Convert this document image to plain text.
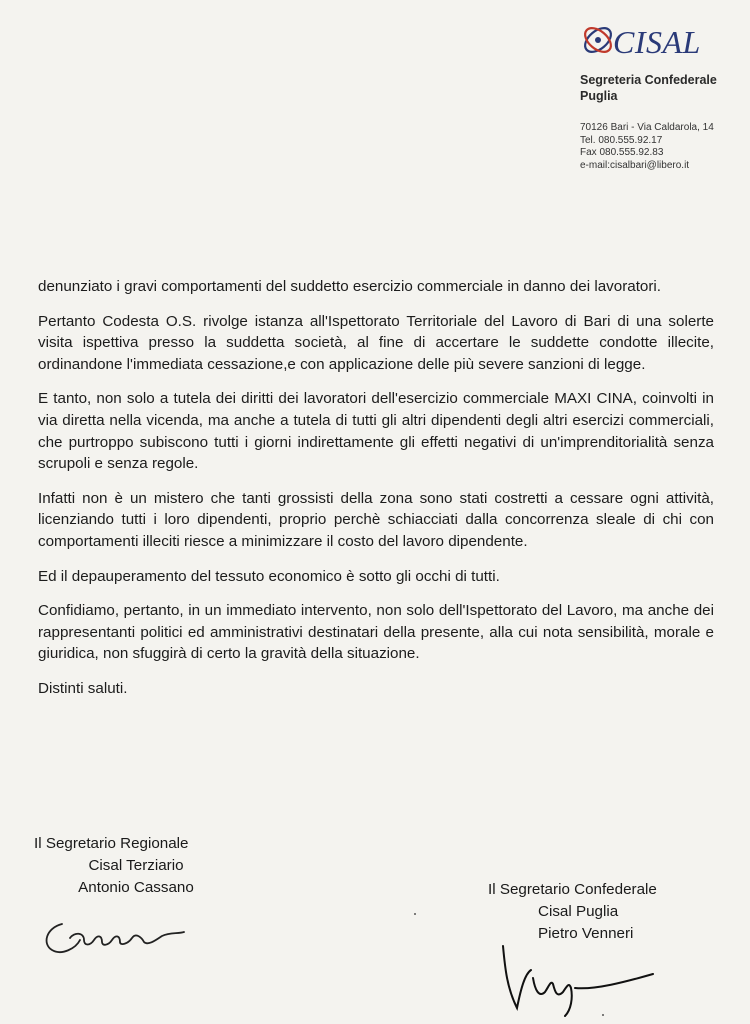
CISAL
Segreteria Confederale
Puglia
70126 Bari - Via Caldarola, 14
Tel. 080.555.92.17
Fax 080.555.92.83
e-mail:cisalbari@libero.it

denunziato i gravi comportamenti del suddetto esercizio commerciale in danno dei lavoratori.

Pertanto Codesta O.S. rivolge istanza all'Ispettorato Territoriale del Lavoro di Bari di una solerte visita ispettiva presso la suddetta società, al fine di accertare le suddette condotte illecite, ordinandone l'immediata cessazione,e con applicazione delle più severe sanzioni di legge.

E tanto, non solo a tutela dei diritti dei lavoratori dell'esercizio commerciale MAXI CINA, coinvolti in via diretta nella vicenda, ma anche a tutela di tutti gli altri dipendenti degli altri esercizi commerciali, che purtroppo subiscono tutti i giorni indirettamente gli effetti negativi di un'imprenditorialità senza scrupoli e senza regole.

Infatti non è un mistero che tanti grossisti della zona sono stati costretti a cessare ogni attività, licenziando tutti i loro dipendenti, proprio perchè schiacciati dalla concorrenza sleale di chi con comportamenti illeciti riesce a minimizzare il costo del lavoro dipendente.

Ed il depauperamento del tessuto economico è sotto gli occhi di tutti.

Confidiamo, pertanto, in un immediato intervento, non solo dell'Ispettorato del Lavoro, ma anche dei rappresentanti politici ed amministrativi destinatari della presente, alla cui nota sensibilità, morale e giuridica, non sfuggirà di certo la gravità della situazione.

Distinti saluti.

Il Segretario Regionale
Cisal Terziario
Antonio Cassano	Il Segretario Confederale
Cisal Puglia
Pietro Venneri
